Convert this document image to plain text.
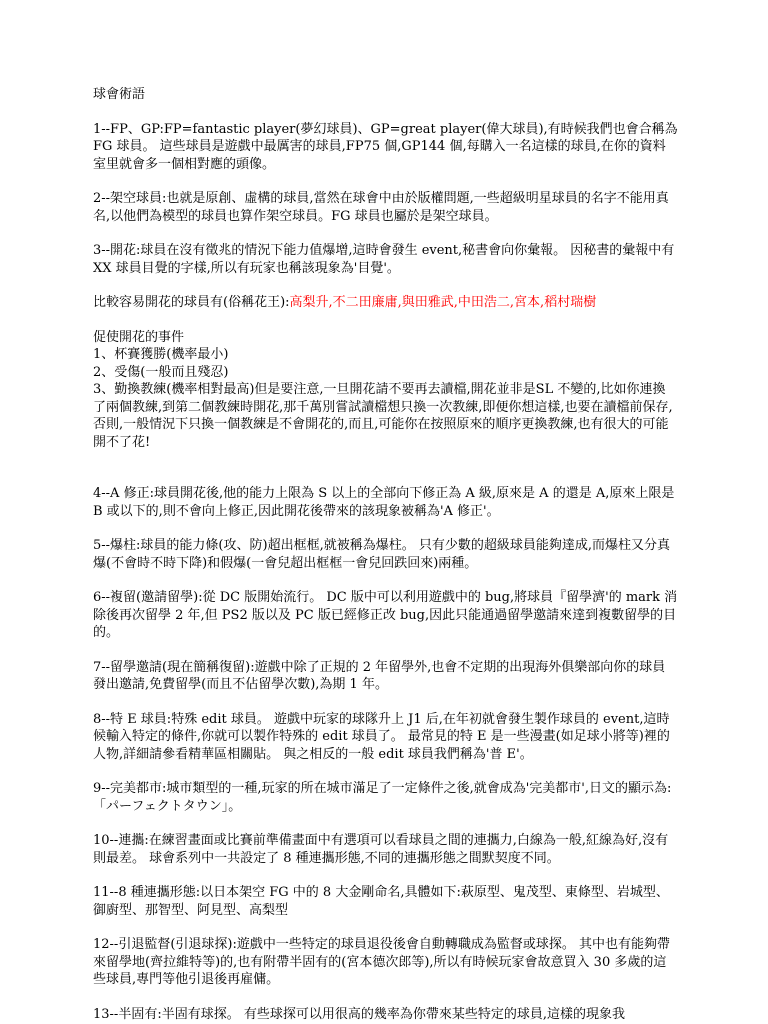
球會術語
1--FP、GP:FP=fantastic player(夢幻球員)、GP=great player(偉大球員),有時候我們也會合稱為FG 球員。 這些球員是遊戲中最厲害的球員,FP75 個,GP144 個,每購入一名這樣的球員,在你的資料室里就會多一個相對應的頭像。
2--架空球員:也就是原創、虛構的球員,當然在球會中由於版權問題,一些超級明星球員的名字不能用真名,以他們為模型的球員也算作架空球員。FG 球員也屬於是架空球員。
3--開花:球員在沒有徵兆的情況下能力值爆增,這時會發生 event,秘書會向你彙報。 因秘書的彙報中有 XX 球員目覺的字樣,所以有玩家也稱該現象為'目覺'。
比較容易開花的球員有(俗稱花王):高梨升,不二田廉庸,與田雅武,中田浩二,宮本,稻村瑞樹

促使開花的事件

1、杯賽獲勝(機率最小)

2、受傷(一般而且殘忍)

3、勤換教練(機率相對最高)但是要注意,一旦開花請不要再去讀檔,開花並非是SL 不變的,比如你連換了兩個教練,到第二個教練時開花,那千萬別嘗試讀檔想只換一次教練,即便你想這樣,也要在讀檔前保存,否則,一般情況下只換一個教練是不會開花的,而且,可能你在按照原來的順序更換教練,也有很大的可能開不了花!

4--A 修正:球員開花後,他的能力上限為 S 以上的全部向下修正為 A 級,原來是 A 的還是 A,原來上限是 B 或以下的,則不會向上修正,因此開花後帶來的該現象被稱為'A 修正'。
5--爆柱:球員的能力條(攻、防)超出框框,就被稱為爆柱。 只有少數的超級球員能夠達成,而爆柱又分真爆(不會時不時下降)和假爆(一會兒超出框框一會兒回跌回來)兩種。
6--複留(邀請留學):從 DC 版開始流行。 DC 版中可以利用遊戲中的 bug,將球員『留學濟'的 mark 消除後再次留學 2 年,但 PS2 版以及 PC 版已經修正改 bug,因此只能通過留學邀請來達到複數留學的目的。
7--留學邀請(現在簡稱復留):遊戲中除了正規的 2 年留學外,也會不定期的出現海外俱樂部向你的球員發出邀請,免費留學(而且不佔留學次數),為期 1 年。
8--特 E 球員:特殊 edit 球員。 遊戲中玩家的球隊升上 J1 后,在年初就會發生製作球員的 event,這時候輸入特定的條件,你就可以製作特殊的 edit 球員了。 最常見的特 E 是一些漫畫(如足球小將等)裡的人物,詳細請參看精華區相關貼。 與之相反的一般 edit 球員我們稱為'普 E'。
9--完美都市:城市類型的一種,玩家的所在城市滿足了一定條件之後,就會成為'完美都市',日文的顯示為:「パーフェクトタウン」。
10--連攜:在練習畫面或比賽前準備畫面中有選項可以看球員之間的連攜力,白線為一般,紅線為好,沒有則最差。 球會系列中一共設定了 8 種連攜形態,不同的連攜形態之間默契度不同。
11--8 種連攜形態:以日本架空 FG 中的 8 大金剛命名,具體如下:萩原型、鬼茂型、東條型、岩城型、御廚型、那智型、阿見型、高梨型
12--引退監督(引退球探):遊戲中一些特定的球員退役後會自動轉職成為監督或球探。 其中也有能夠帶來留學地(齊拉維特等)的,也有附帶半固有的(宮本德次郎等),所以有時候玩家會故意買入 30 多歲的這些球員,專門等他引退後再雇傭。
13--半固有:半固有球探。 有些球探可以用很高的幾率為你帶來某些特定的球員,這樣的現象我
